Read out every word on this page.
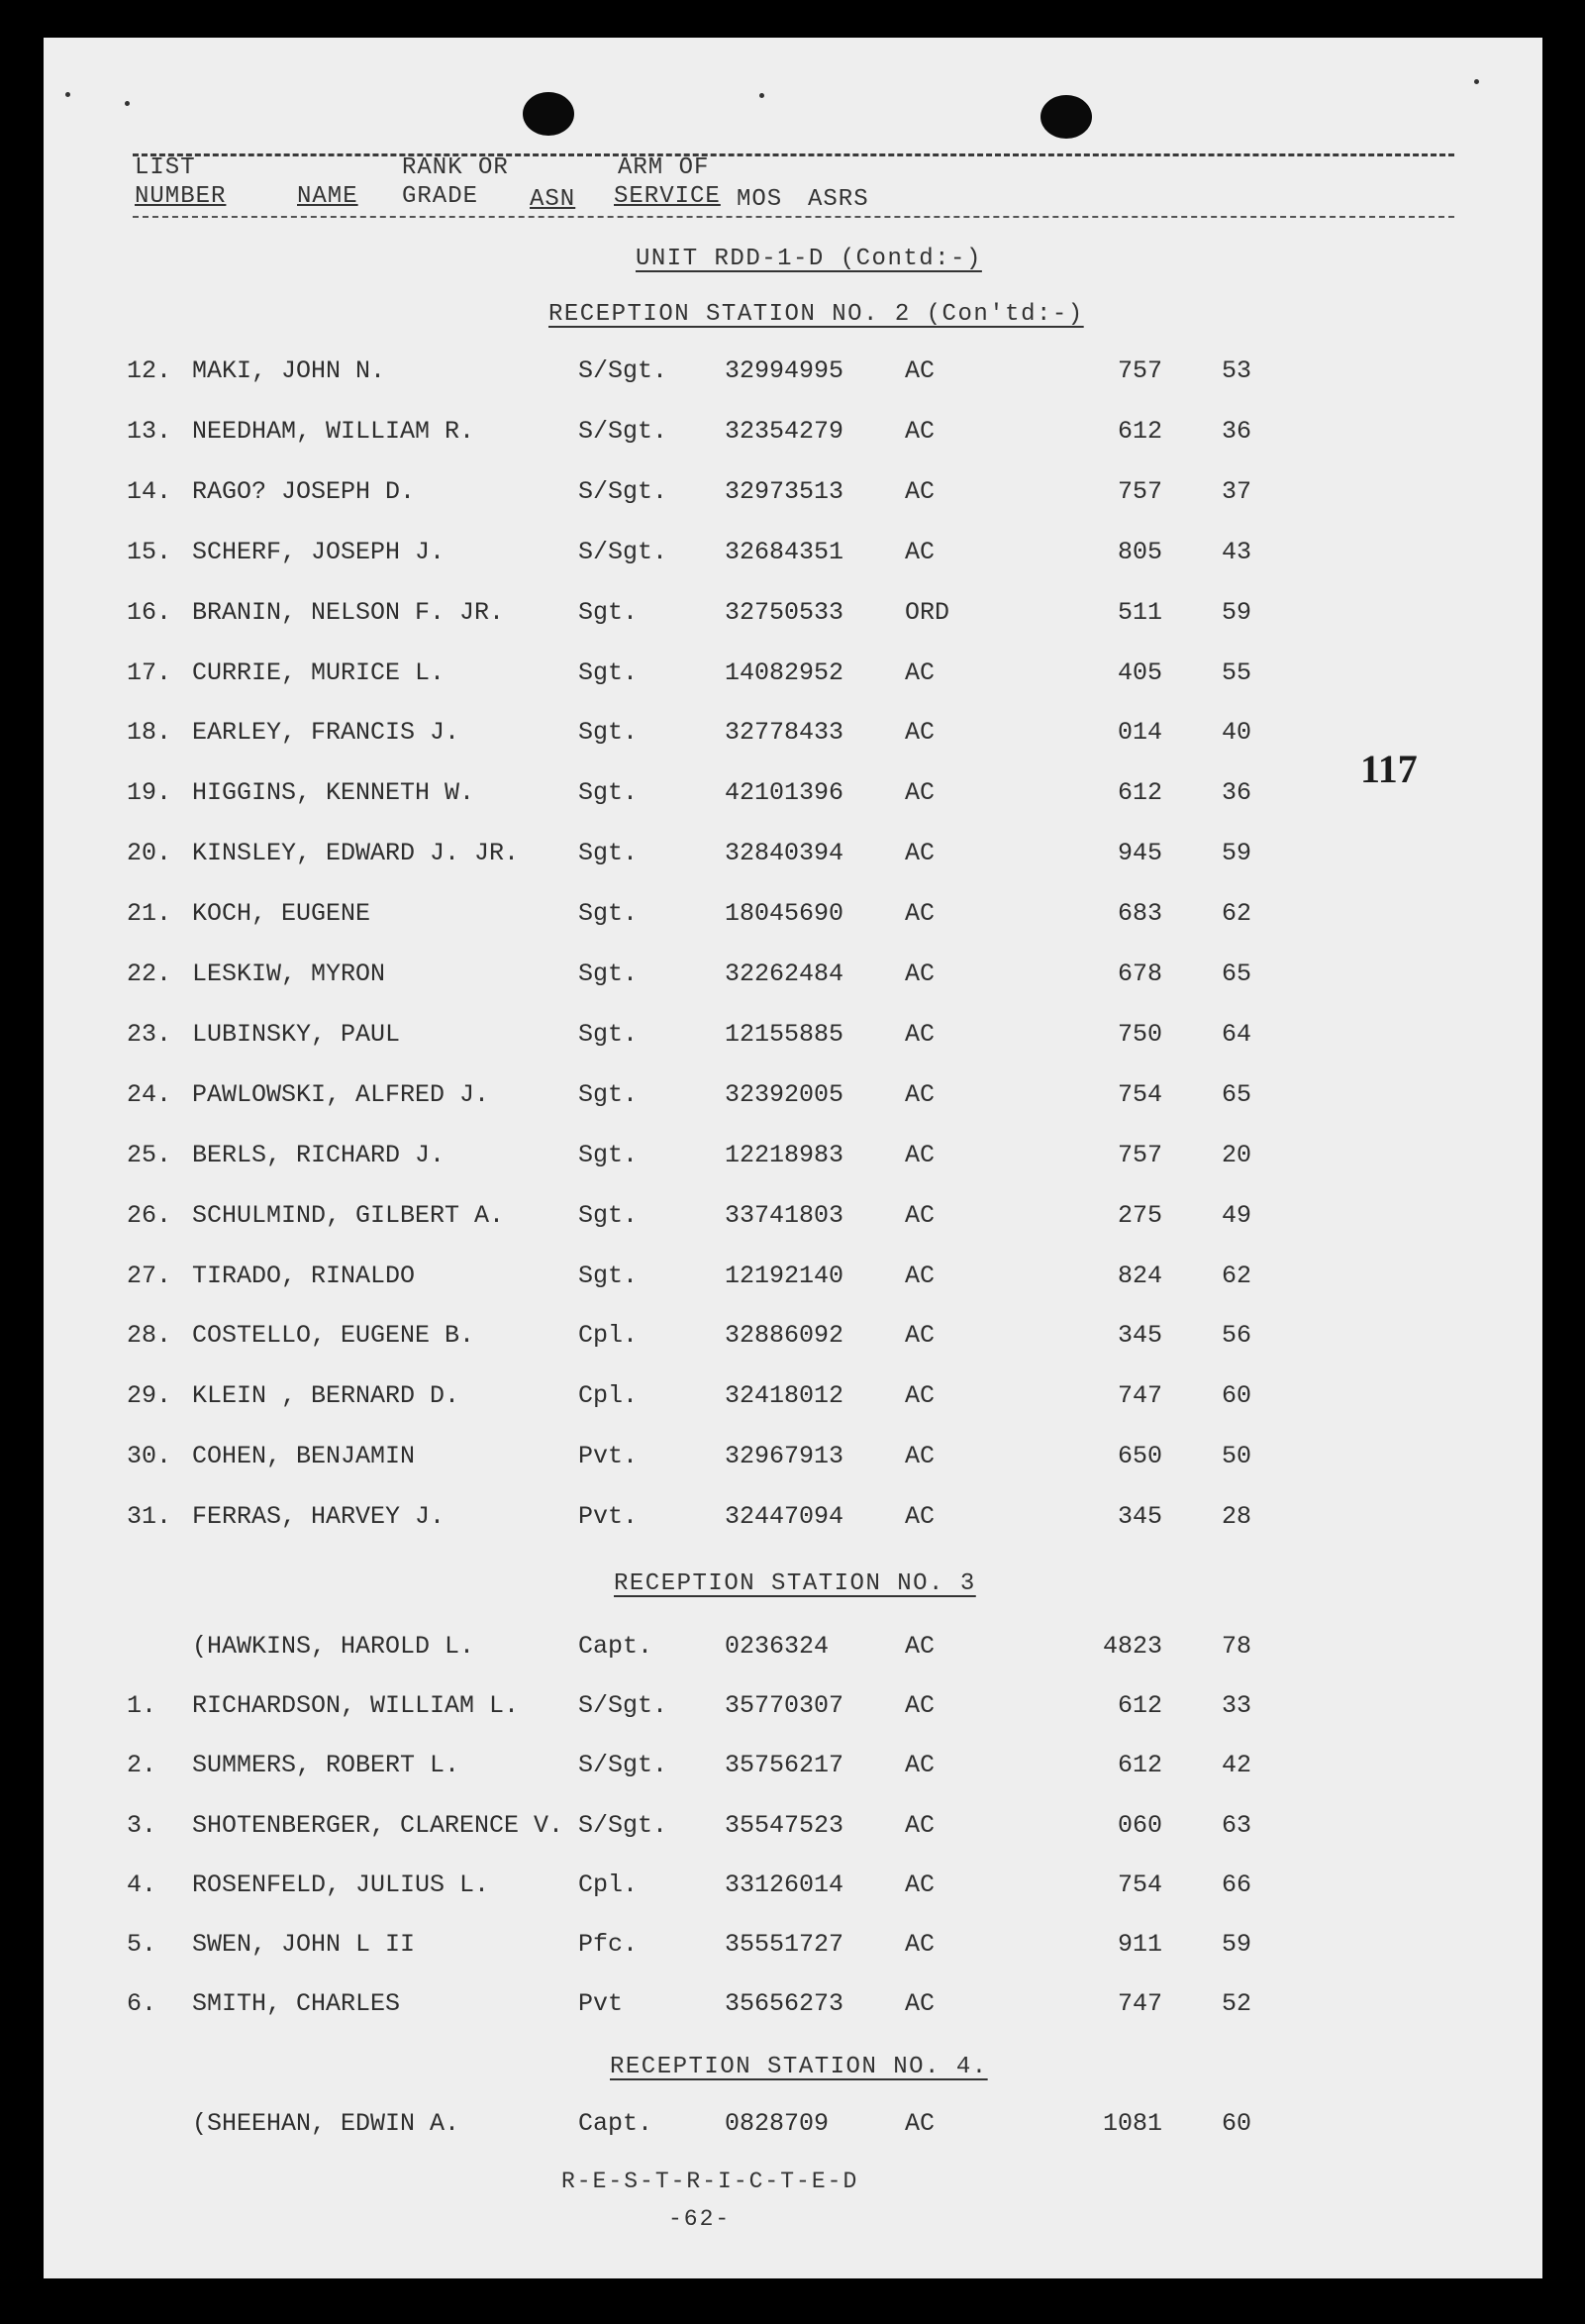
LIST
NUMBER	NAME
RANK OR
GRADE ASN
ARM OF
SERVICE MOS ASRS
UNIT RDD-1-D (Contd:-)
RECEPTION STATION NO. 2 (Con'td:-)
12. MAKI, JOHN N.	S/Sgt. 32994995 AC	757	53
13. NEEDHAM, WILLIAM R.	S/Sgt. 32354279 AC	612	36
14. RAGO? JOSEPH D.	S/Sgt. 32973513 AC	757	37
15. SCHERF, JOSEPH J.	S/Sgt. 32684351 AC	805	43
16. BRANIN, NELSON F. JR.	Sgt.	32750533 ORD	511	59
17. CURRIE, MURICE L.	Sgt.	14082952 AC	405	55
18. EARLEY, FRANCIS J.	Sgt.	32778433 AC	014	40
19. HIGGINS, KENNETH W.	Sgt.	42101396 AC	612	36
20. KINSLEY, EDWARD J. JR. Sgt.	32840394 AC	945	59
21. KOCH, EUGENE	Sgt.	18045690 AC	683	62
22. LESKIW, MYRON	Sgt.	32262484 AC	678	65
23. LUBINSKY, PAUL	Sgt.	12155885 AC	750	64
24. PAWLOWSKI, ALFRED J.	Sgt.	32392005 AC	754	65
25. BERLS, RICHARD J.	Sgt.	12218983 AC	757	20
26. SCHULMIND, GILBERT A.	Sgt.	33741803 AC	275	49
27. TIRADO, RINALDO	Sgt.	12192140 AC	824	62
28. COSTELLO, EUGENE B.	Cpl.	32886092 AC	345	56
29. KLEIN , BERNARD D.	Cpl.	32418012 AC	747	60
30. COHEN, BENJAMIN	Pvt.	32967913 AC	650	50
31. FERRAS, HARVEY J.	Pvt.	32447094 AC	345	28
RECEPTION STATION NO. 3
(HAWKINS, HAROLD L.	Capt.	0236324	AC	4823	78
1. RICHARDSON, WILLIAM L. S/Sgt. 35770307 AC	612	33
2. SUMMERS, ROBERT L.	S/Sgt. 35756217 AC	612	42
3. SHOTENBERGER, CLARENCE V. S/Sgt. 35547523 AC	060	63
4. ROSENFELD, JULIUS L.	Cpl.	33126014 AC	754	66
5. SWEN, JOHN L II	Pfc.	35551727 AC	911	59
6. SMITH, CHARLES	Pvt	35656273 AC	747	52
RECEPTION STATION NO. 4.
(SHEEHAN, EDWIN A.	Capt.	0828709	AC	1081	60
117
R-E-S-T-R-I-C-T-E-D
-62-
